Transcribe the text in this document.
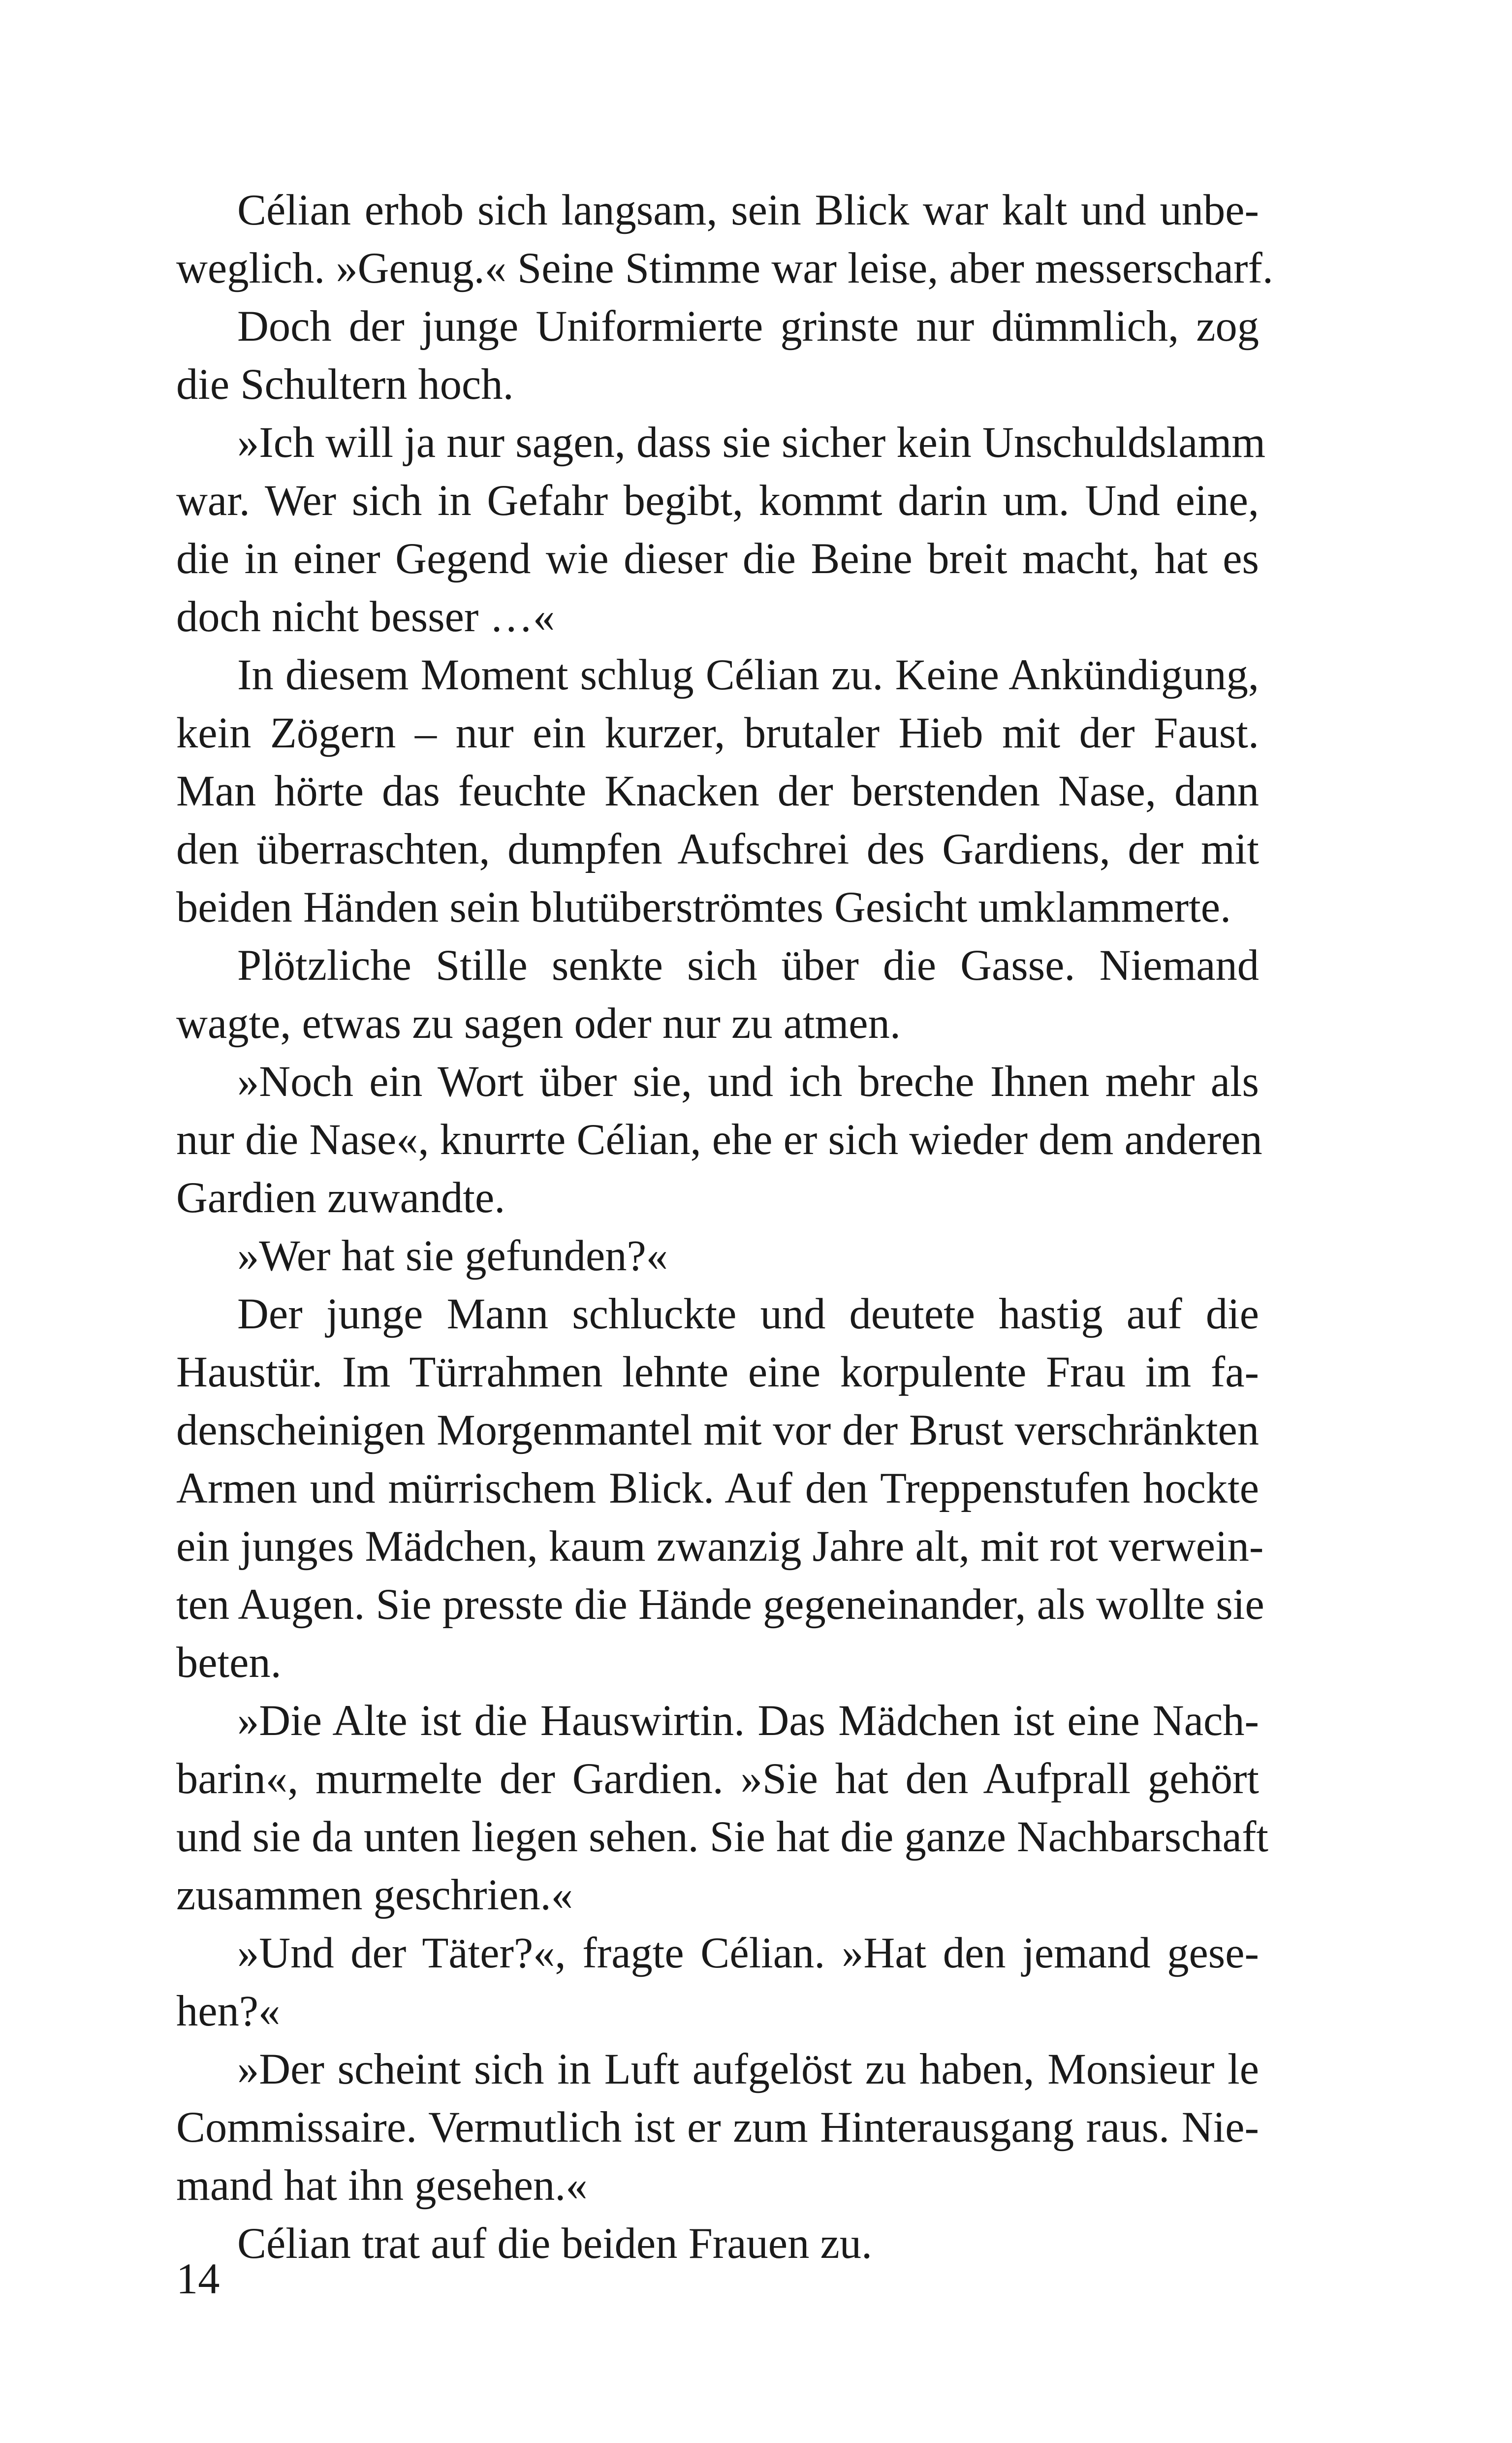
Célian erhob sich langsam, sein Blick war kalt und unbe-
weglich. »Genug.« Seine Stimme war leise, aber messerscharf.
Doch der junge Uniformierte grinste nur dümmlich, zog
die Schultern hoch.
»Ich will ja nur sagen, dass sie sicher kein Unschuldslamm
war. Wer sich in Gefahr begibt, kommt darin um. Und eine,
die in einer Gegend wie dieser die Beine breit macht, hat es
doch nicht besser …«
In diesem Moment schlug Célian zu. Keine Ankündigung,
kein Zögern – nur ein kurzer, brutaler Hieb mit der Faust.
Man hörte das feuchte Knacken der berstenden Nase, dann
den überraschten, dumpfen Aufschrei des Gardiens, der mit
beiden Händen sein blutüberströmtes Gesicht umklammerte.
Plötzliche Stille senkte sich über die Gasse. Niemand
wagte, etwas zu sagen oder nur zu atmen.
»Noch ein Wort über sie, und ich breche Ihnen mehr als
nur die Nase«, knurrte Célian, ehe er sich wieder dem anderen
Gardien zuwandte.
»Wer hat sie gefunden?«
Der junge Mann schluckte und deutete hastig auf die
Haustür. Im Türrahmen lehnte eine korpulente Frau im fa-
denscheinigen Morgenmantel mit vor der Brust verschränkten
Armen und mürrischem Blick. Auf den Treppenstufen hockte
ein junges Mädchen, kaum zwanzig Jahre alt, mit rot verwein-
ten Augen. Sie presste die Hände gegeneinander, als wollte sie
beten.
»Die Alte ist die Hauswirtin. Das Mädchen ist eine Nach-
barin«, murmelte der Gardien. »Sie hat den Aufprall gehört
und sie da unten liegen sehen. Sie hat die ganze Nachbarschaft
zusammen geschrien.«
»Und der Täter?«, fragte Célian. »Hat den jemand gese-
hen?«
»Der scheint sich in Luft aufgelöst zu haben, Monsieur le
Commissaire. Vermutlich ist er zum Hinterausgang raus. Nie-
mand hat ihn gesehen.«
Célian trat auf die beiden Frauen zu.
14
